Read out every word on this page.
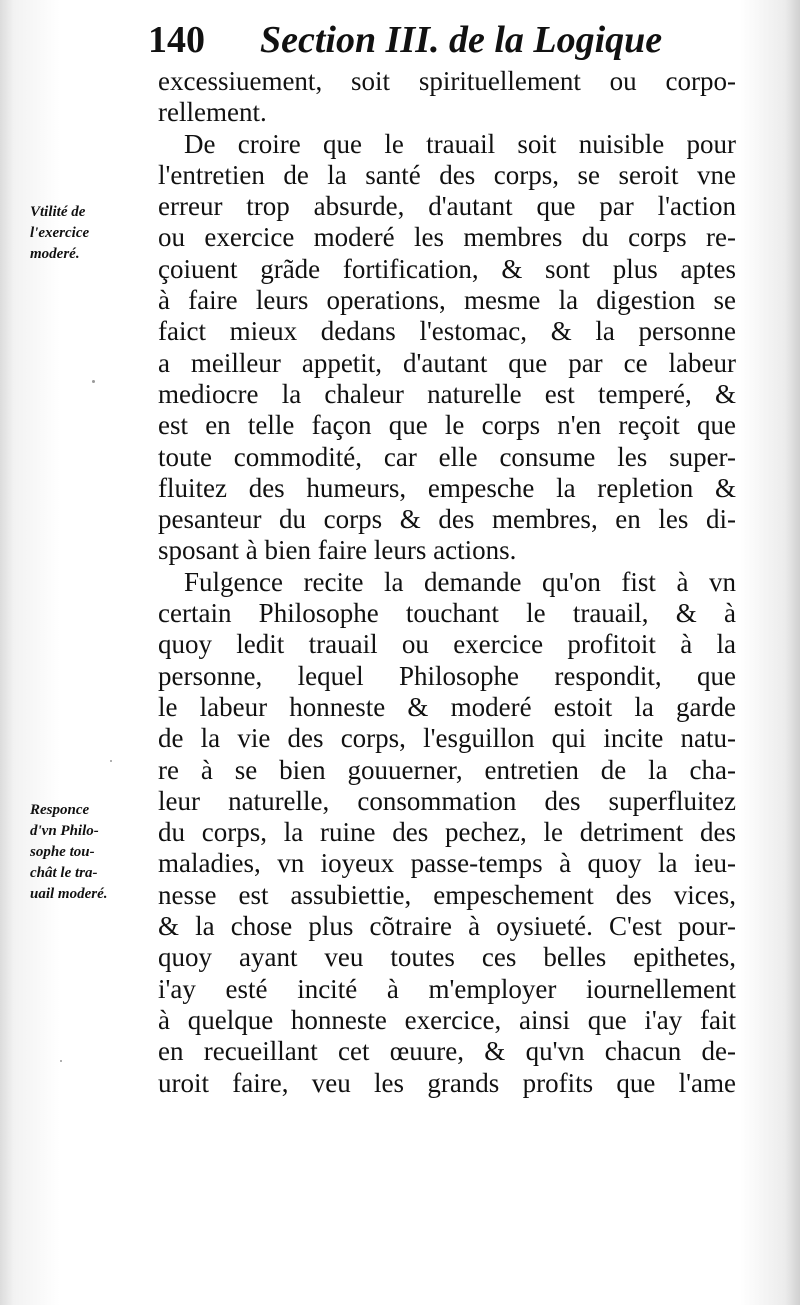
140 Section III. de la Logique
Vtilité de
l'exercice
moderé.
Responce
d'vn Philo-
sophe tou-
chât le tra-
uail moderé.
excessiuement, soit spirituellement ou corpo-
rellement.
De croire que le trauail soit nuisible pour
l'entretien de la santé des corps, se seroit vne
erreur trop absurde, d'autant que par l'action
ou exercice moderé les membres du corps re-
çoiuent grãde fortification, & sont plus aptes
à faire leurs operations, mesme la digestion se
faict mieux dedans l'estomac, & la personne
a meilleur appetit, d'autant que par ce labeur
mediocre la chaleur naturelle est temperé, &
est en telle façon que le corps n'en reçoit que
toute commodité, car elle consume les super-
fluitez des humeurs, empesche la repletion &
pesanteur du corps & des membres, en les di-
sposant à bien faire leurs actions.
Fulgence recite la demande qu'on fist à vn
certain Philosophe touchant le trauail, & à
quoy ledit trauail ou exercice profitoit à la
personne, lequel Philosophe respondit, que
le labeur honneste & moderé estoit la garde
de la vie des corps, l'esguillon qui incite natu-
re à se bien gouuerner, entretien de la cha-
leur naturelle, consommation des superfluitez
du corps, la ruine des pechez, le detriment des
maladies, vn ioyeux passe-temps à quoy la ieu-
nesse est assubiettie, empeschement des vices,
& la chose plus cõtraire à oysiueté. C'est pour-
quoy ayant veu toutes ces belles epithetes,
i'ay esté incité à m'employer iournellement
à quelque honneste exercice, ainsi que i'ay fait
en recueillant cet œuure, & qu'vn chacun de-
uroit faire, veu les grands profits que l'ame
